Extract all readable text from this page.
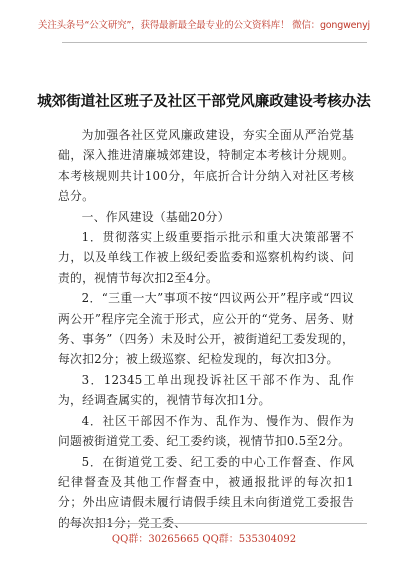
关注头条号“公文研究”，获得最新最全最专业的公文资料库！ 微信：gongwenyj
城郊街道社区班子及社区干部党风廉政建设考核办法

为加强各社区党风廉政建设，夯实全面从严治党基础，深入推进清廉城郊建设，特制定本考核计分规则。本考核规则共计100分，年底折合计分纳入对社区考核总分。

一、作风建设（基础20分）

1．贯彻落实上级重要指示批示和重大决策部署不力，以及单线工作被上级纪委监委和巡察机构约谈、问责的，视情节每次扣2至4分。

2．“三重一大”事项不按“四议两公开”程序或“四议两公开”程序完全流于形式，应公开的“党务、居务、财务、事务”（四务）未及时公开，被街道纪工委发现的，每次扣2分；被上级巡察、纪检发现的，每次扣3分。

3．12345工单出现投诉社区干部不作为、乱作为，经调查属实的，视情节每次扣1分。

4．社区干部因不作为、乱作为、慢作为、假作为问题被街道党工委、纪工委约谈，视情节扣0.5至2分。

5．在街道党工委、纪工委的中心工作督查、作风纪律督查及其他工作督查中，被通报批评的每次扣1分；外出应请假未履行请假手续且未向街道党工委报告的每次扣1分；党工委、

QQ群：30265665 QQ群：535304092
